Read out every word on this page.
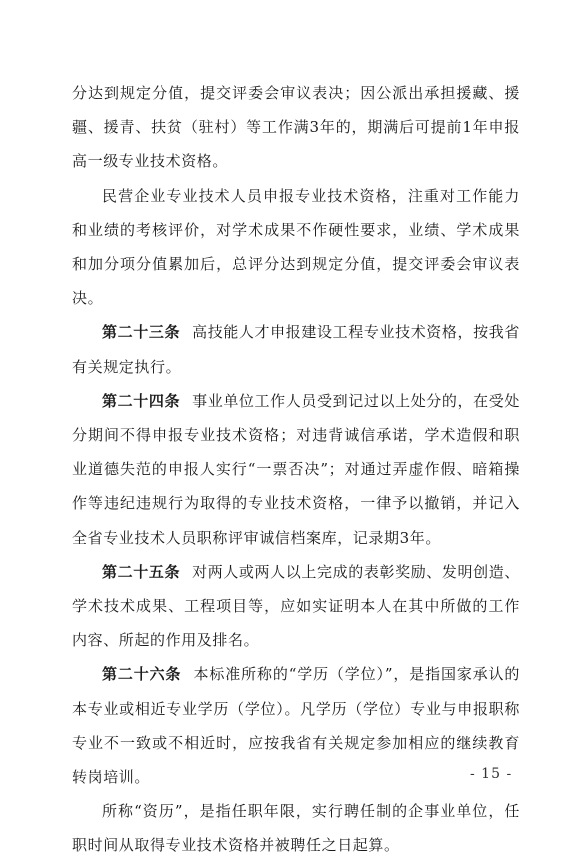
分达到规定分值，提交评委会审议表决；因公派出承担援藏、援疆、援青、扶贫（驻村）等工作满3年的，期满后可提前1年申报高一级专业技术资格。

民营企业专业技术人员申报专业技术资格，注重对工作能力和业绩的考核评价，对学术成果不作硬性要求，业绩、学术成果和加分项分值累加后，总评分达到规定分值，提交评委会审议表决。

第二十三条 高技能人才申报建设工程专业技术资格，按我省有关规定执行。

第二十四条 事业单位工作人员受到记过以上处分的，在受处分期间不得申报专业技术资格；对违背诚信承诺，学术造假和职业道德失范的申报人实行“一票否决”；对通过弄虚作假、暗箱操作等违纪违规行为取得的专业技术资格，一律予以撤销，并记入全省专业技术人员职称评审诚信档案库，记录期3年。

第二十五条 对两人或两人以上完成的表彰奖励、发明创造、学术技术成果、工程项目等，应如实证明本人在其中所做的工作内容、所起的作用及排名。

第二十六条 本标准所称的“学历（学位）”，是指国家承认的本专业或相近专业学历（学位）。凡学历（学位）专业与申报职称专业不一致或不相近时，应按我省有关规定参加相应的继续教育转岗培训。

所称“资历”，是指任职年限，实行聘任制的企事业单位，任职时间从取得专业技术资格并被聘任之日起算。

- 15 -
